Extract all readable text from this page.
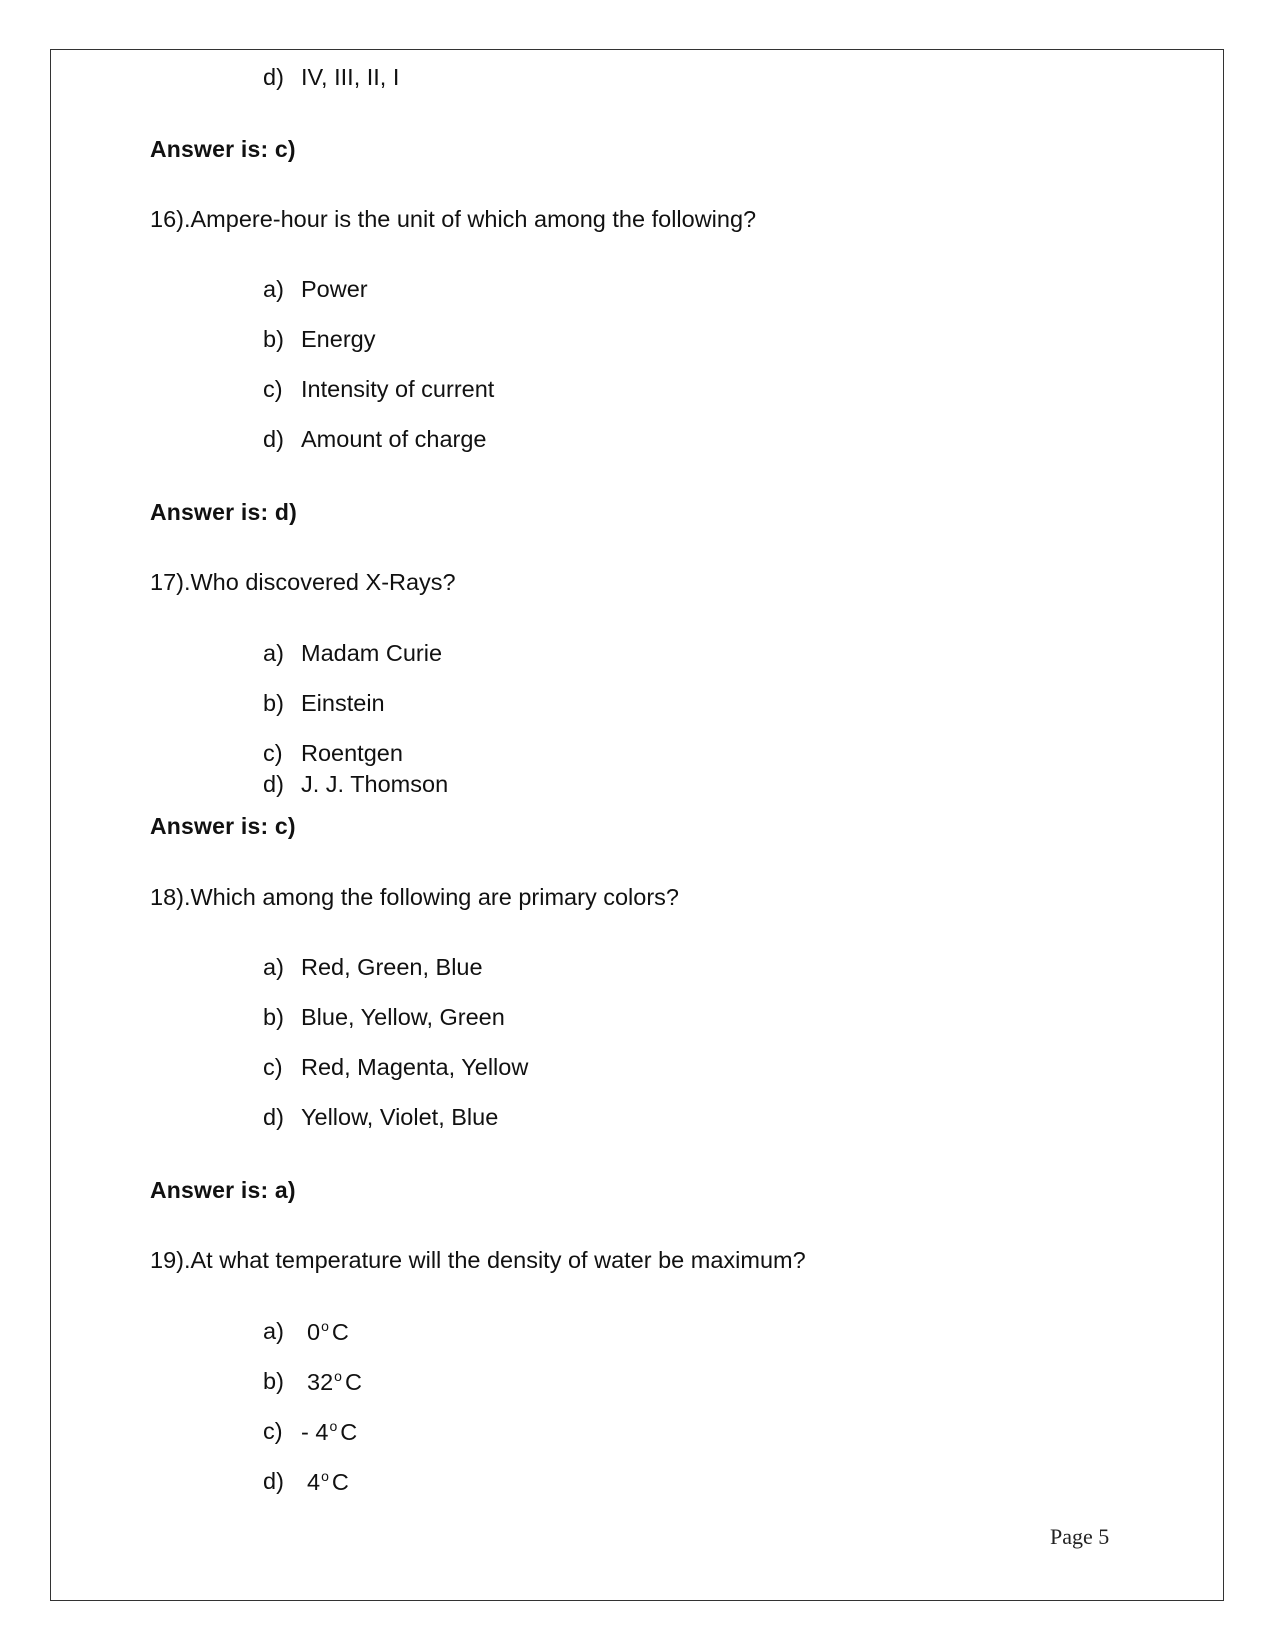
d) IV, III, II, I
Answer is: c)
16).Ampere-hour is the unit of which among the following?
a) Power
b) Energy
c) Intensity of current
d) Amount of charge
Answer is: d)
17).Who discovered X-Rays?
a) Madam Curie
b) Einstein
c) Roentgen
d) J. J. Thomson
Answer is: c)
18).Which among the following are primary colors?
a) Red, Green, Blue
b) Blue, Yellow, Green
c) Red, Magenta, Yellow
d) Yellow, Violet, Blue
Answer is: a)
19).At what temperature will the density of water be maximum?
a) 0$^o$ C
b) 32$^o$ C
c) - 4$^o$ C
d) 4$^o$ C
Page 5
